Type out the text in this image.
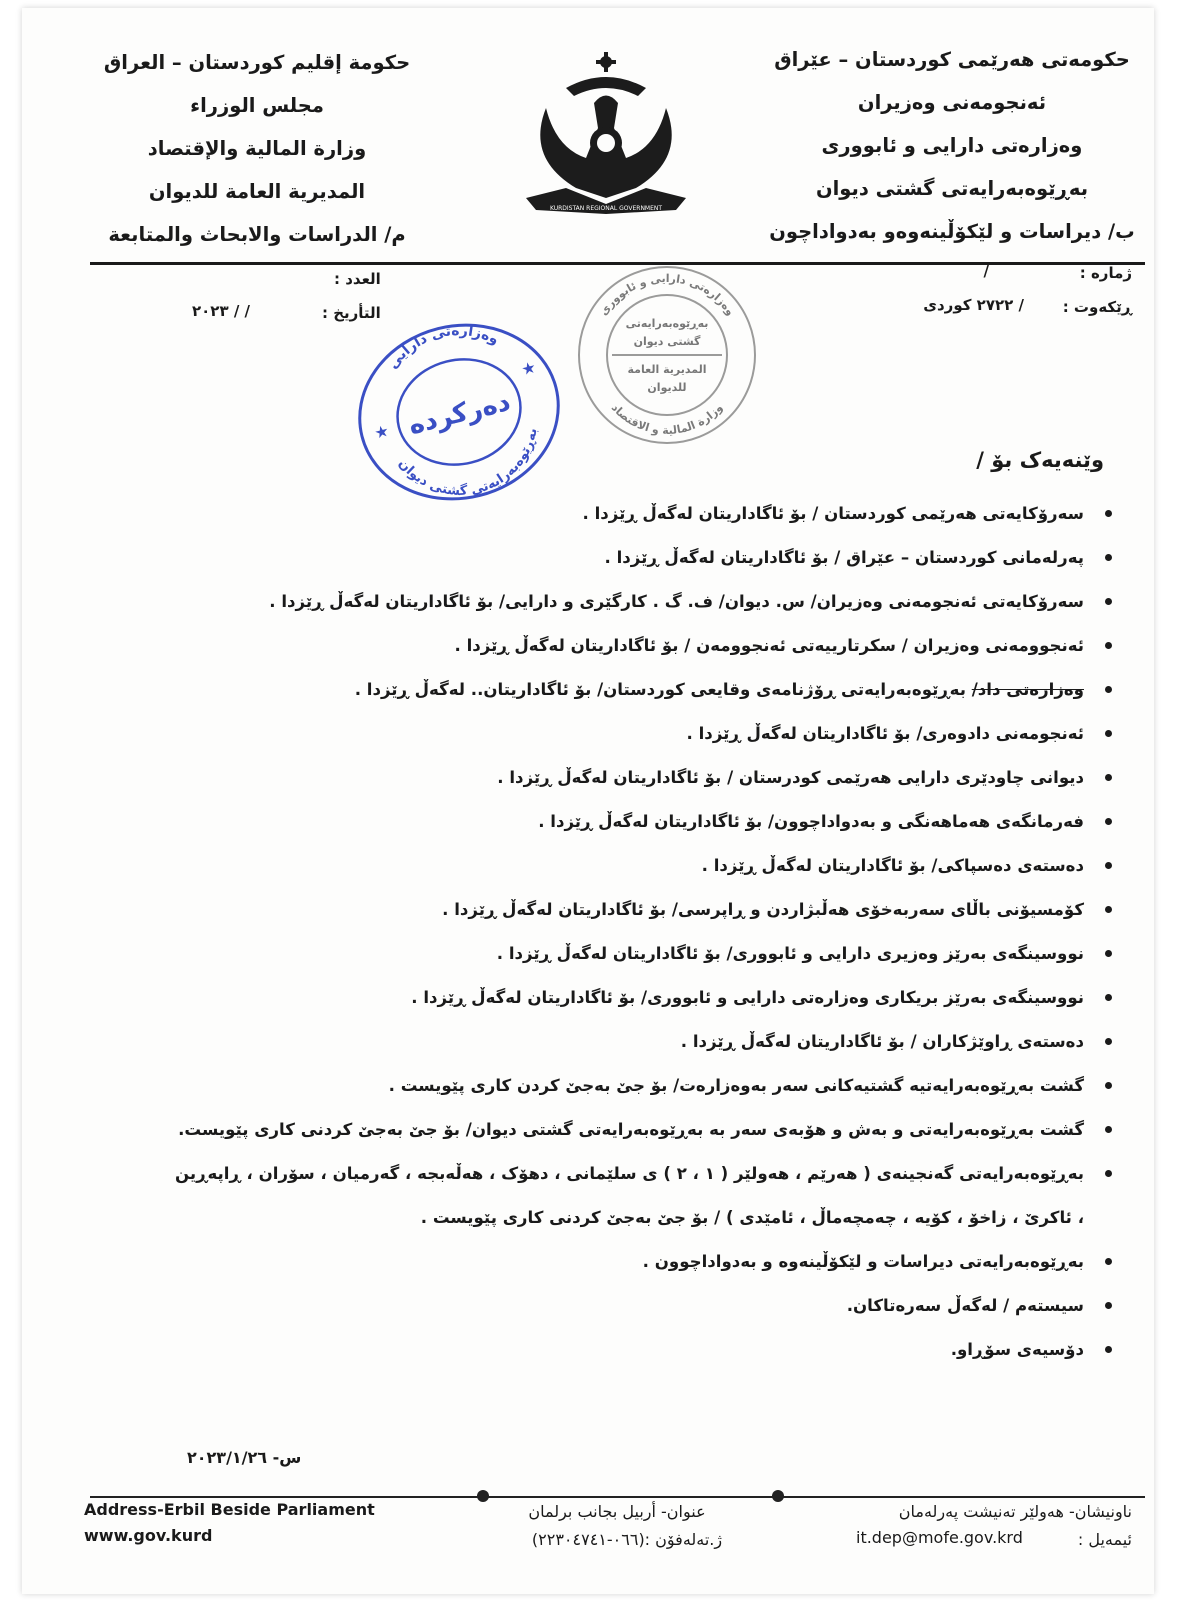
حکومەتی هەرێمی کوردستان – عێراق
ئەنجومەنی وەزیران
وەزارەتی دارایی و ئابووری
بەڕێوەبەرایەتی گشتی دیوان
ب/ دیراسات و لێکۆڵینەوەو بەدواداچون
KURDISTAN REGIONAL GOVERNMENT
حكومة إقليم كوردستان – العراق
مجلس الوزراء
وزارة المالية والإقتصاد
المديرية العامة للديوان
م/ الدراسات والابحاث والمتابعة
ژمارە :
/
ڕێکەوت :
/ ٢٧٢٢ کوردی
العدد :
التأريخ :
/ / ٢٠٢٣	وەزارەتی دارایی و ئابووری
وزارة المالية و الاقتصاد
بەڕێوەبەرایەتی
گشتی دیوان
المديرية العامة
للديوان
وەزارەتی دارایی
بەڕێوەبەرایەتی گشتی دیوان
دەرکردە
★
★
وێنەیەک بۆ /
سەرۆکایەتی هەرێمی کوردستان / بۆ ئاگاداریتان لەگەڵ ڕێزدا .
پەرلەمانی کوردستان – عێراق / بۆ ئاگاداریتان لەگەڵ ڕێزدا .
سەرۆکایەتی ئەنجومەنی وەزیران/ س. دیوان/ ف. گ . کارگێری و دارایی/ بۆ ئاگاداریتان لەگەڵ ڕێزدا .
ئەنجوومەنی وەزیران / سکرتارییەتی ئەنجوومەن / بۆ ئاگاداریتان لەگەڵ ڕێزدا .
وەزارەتی داد/ بەڕێوەبەرایەتی ڕۆژنامەی وقایعی کوردستان/ بۆ ئاگاداریتان.. لەگەڵ ڕێزدا .
ئەنجومەنی دادوەری/ بۆ ئاگاداریتان لەگەڵ ڕێزدا .
دیوانی چاودێری دارایی هەرێمی کودرستان / بۆ ئاگاداریتان لەگەڵ ڕێزدا .
فەرمانگەی هەماهەنگی و بەدواداچوون/ بۆ ئاگاداریتان لەگەڵ ڕێزدا .
دەستەی دەسپاکی/ بۆ ئاگاداریتان لەگەڵ ڕێزدا .
کۆمسیۆنی باڵای سەربەخۆی هەڵبژاردن و ڕاپرسی/ بۆ ئاگاداریتان لەگەڵ ڕێزدا .
نووسینگەی بەرێز وەزیری دارایی و ئابووری/ بۆ ئاگاداریتان لەگەڵ ڕێزدا .
نووسینگەی بەرێز بریکاری وەزارەتی دارایی و ئابووری/ بۆ ئاگاداریتان لەگەڵ ڕێزدا .
دەستەی ڕاوێژکاران / بۆ ئاگاداریتان لەگەڵ ڕێزدا .
گشت بەڕێوەبەرایەتیە گشتیەکانی سەر بەوەزارەت/ بۆ جێ بەجێ کردن کاری پێویست .
گشت بەڕێوەبەرایەتی و بەش و هۆبەی سەر بە بەڕێوەبەرایەتی گشتی دیوان/ بۆ جێ بەجێ کردنی کاری پێویست.
بەڕێوەبەرایەتی گەنجینەی ( هەرێم ، هەولێر ( ١ ، ٢ ) ی سلێمانی ، دهۆک ، هەڵەبجە ، گەرمیان ، سۆران ، ڕاپەڕین ، ئاکرێ ، زاخۆ ، کۆیە ، چەمچەماڵ ، ئامێدی ) / بۆ جێ بەجێ کردنی کاری پێویست .
بەڕێوەبەرایەتی دیراسات و لێکۆڵینەوە و بەدواداچوون .
سیستەم / لەگەڵ سەرەتاکان.
دۆسیەی سۆڕاو.
س- ٢٠٢٣/١/٢٦
Address-Erbil Beside Parliament
www.gov.kurd
عنوان- أربيل بجانب برلمان
ژ.تەلەفۆن :(٠٦٦-٢٢٣٠٤٧٤١)
ناونیشان- هەولێر تەنیشت پەرلەمان
ئیمەیل :
it.dep@mofe.gov.krd
